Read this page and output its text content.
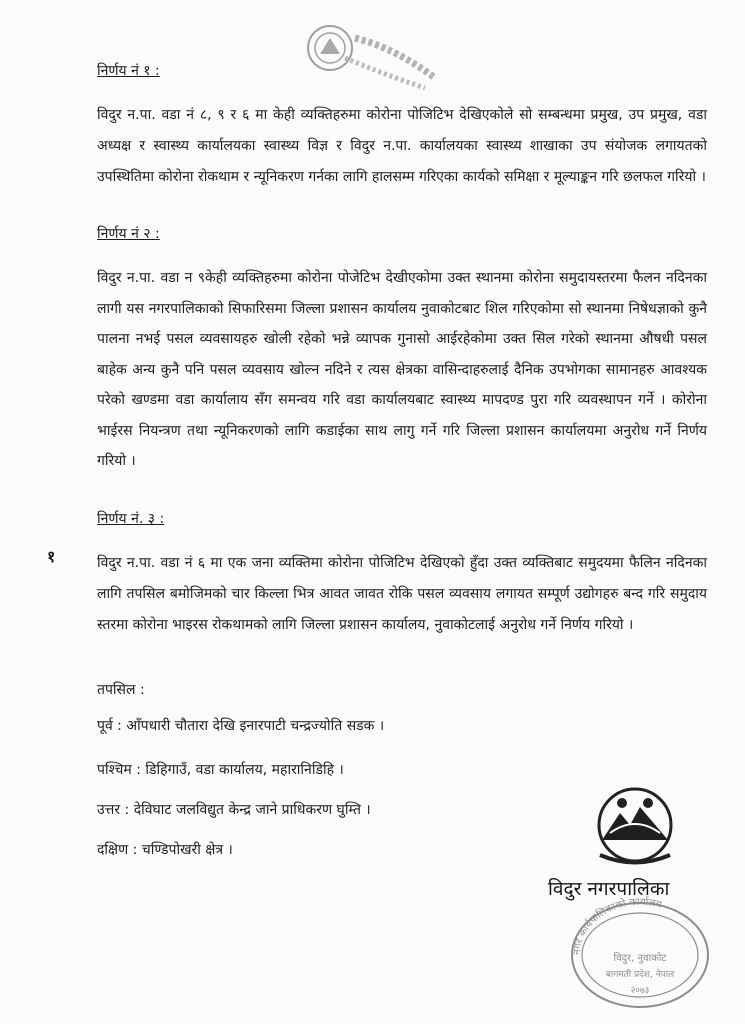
निर्णय नं १ :

विदुर न.पा. वडा नं ८, ९ र ६ मा केही व्यक्तिहरुमा कोरोना पोजिटिभ देखिएकोले सो सम्बन्धमा प्रमुख, उप प्रमुख, वडा अध्यक्ष र स्वास्थ्य कार्यालयका स्वास्थ्य विज्ञ र विदुर न.पा. कार्यालयका स्वास्थ्य शाखाका उप संयोजक लगायतको उपस्थितिमा कोरोना रोकथाम र न्यूनिकरण गर्नका लागि हालसम्म गरिएका कार्यको समिक्षा र मूल्याङ्कन गरि छलफल गरियो ।

निर्णय नं २ :

विदुर न.पा. वडा न ९केही व्यक्तिहरुमा कोरोना पोजेटिभ देखीएकोमा उक्त स्थानमा कोरोना समुदायस्तरमा फैलन नदिनका लागी यस नगरपालिकाको सिफारिसमा जिल्ला प्रशासन कार्यालय नुवाकोटबाट शिल गरिएकोमा सो स्थानमा निषेधज्ञाको कुनै पालना नभई पसल व्यवसायहरु खोली रहेको भन्ने व्यापक गुनासो आईरहेकोमा उक्त सिल गरेको स्थानमा औषधी पसल बाहेक अन्य कुनै पनि पसल व्यवसाय खोल्न नदिने र त्यस क्षेत्रका वासिन्दाहरुलाई दैनिक उपभोगका सामानहरु आवश्यक परेको खण्डमा वडा कार्यालाय सँग समन्वय गरि वडा कार्यालयबाट स्वास्थ्य मापदण्ड पुरा गरि व्यवस्थापन गर्ने । कोरोना भाईरस नियन्त्रण तथा न्यूनिकरणको लागि कडाईका साथ लागु गर्ने गरि जिल्ला प्रशासन कार्यालयमा अनुरोध गर्ने निर्णय गरियो ।

निर्णय नं. ३ :
१	विदुर न.पा. वडा नं ६ मा एक जना व्यक्तिमा कोरोना पोजिटिभ देखिएको हुँदा उक्त व्यक्तिबाट समुदयमा फैलिन नदिनका लागि तपसिल बमोजिमको चार किल्ला भित्र आवत जावत रोकि पसल व्यवसाय लगायत सम्पूर्ण उद्योगहरु बन्द गरि समुदाय स्तरमा कोरोना भाइरस रोकथामको लागि जिल्ला प्रशासन कार्यालय, नुवाकोटलाई अनुरोध गर्ने निर्णय गरियो ।

तपसिल :

पूर्व : आँपधारी चौतारा देखि इनारपाटी चन्द्रज्योति सडक ।

पश्चिम : डिहिगाउँ, वडा कार्यालय, महारानिडिहि ।

उत्तर : देविघाट जलविद्युत केन्द्र जाने प्राधिकरण घुम्ति ।

दक्षिण : चण्डिपोखरी क्षेत्र ।

विदुर नगरपालिका
नगर कार्यपालिकाको कार्यालय
विदुर, नुवाकोट
बागमती प्रदेश, नेपाल
२०७३
